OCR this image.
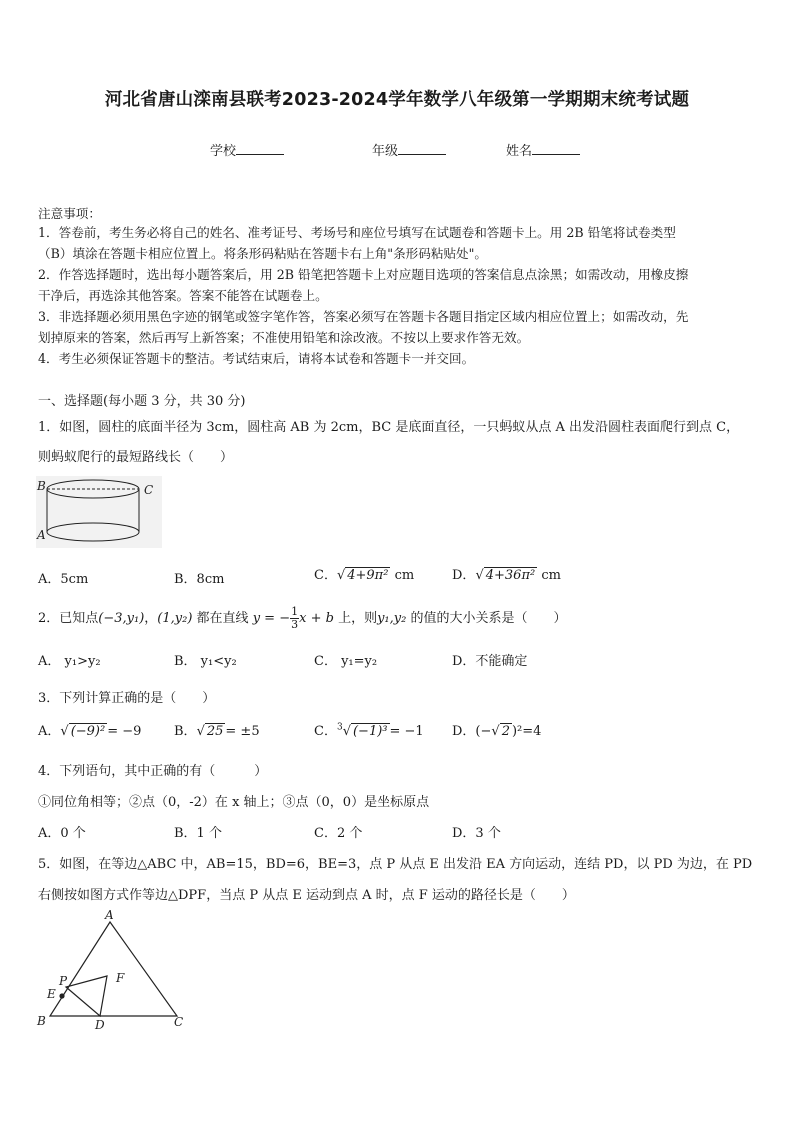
河北省唐山滦南县联考2023-2024学年数学八年级第一学期期末统考试题
学校	年级	姓名
注意事项：
1．答卷前，考生务必将自己的姓名、准考证号、考场号和座位号填写在试题卷和答题卡上。用 2B 铅笔将试卷类型
（B）填涂在答题卡相应位置上。将条形码粘贴在答题卡右上角"条形码粘贴处"。
2．作答选择题时，选出每小题答案后，用 2B 铅笔把答题卡上对应题目选项的答案信息点涂黑；如需改动，用橡皮擦
干净后，再选涂其他答案。答案不能答在试题卷上。
3．非选择题必须用黑色字迹的钢笔或签字笔作答，答案必须写在答题卡各题目指定区域内相应位置上；如需改动，先
划掉原来的答案，然后再写上新答案；不准使用铅笔和涂改液。不按以上要求作答无效。
4．考生必须保证答题卡的整洁。考试结束后，请将本试卷和答题卡一并交回。
一、选择题(每小题 3 分，共 30 分)
1．如图，圆柱的底面半径为 3cm，圆柱高 AB 为 2cm，BC 是底面直径，一只蚂蚁从点 A 出发沿圆柱表面爬行到点 C，
则蚂蚁爬行的最短路线长（　　）
B	C
A
A．5cm	B．8cm	C． √ 4+9π² cm	D． √ 4+36π² cm
2．已知点(−3,y₁)，(1,y₂) 都在直线 y = − $\frac{1}{3}$ x + b 上，则y₁,y₂ 的值的大小关系是（　　）
A． y₁>y₂	B． y₁<y₂	C． y₁=y₂	D．不能确定
3．下列计算正确的是（　　）
A． √ (−9)² = −9	B． √ 25 = ±5	C．$^3$ √ (−1)³ = −1 D．(− √ 2 )²=4
4．下列语句，其中正确的有（　　　）
①同位角相等；②点（0，-2）在 x 轴上；③点（0，0）是坐标原点
A．0 个	B．1 个	C．2 个	D．3 个
5．如图，在等边△ABC 中，AB=15，BD=6，BE=3，点 P 从点 E 出发沿 EA 方向运动，连结 PD，以 PD 为边，在 PD
右侧按如图方式作等边△DPF，当点 P 从点 E 运动到点 A 时，点 F 运动的路径长是（　　）
A
P	F
E
B	D	C
